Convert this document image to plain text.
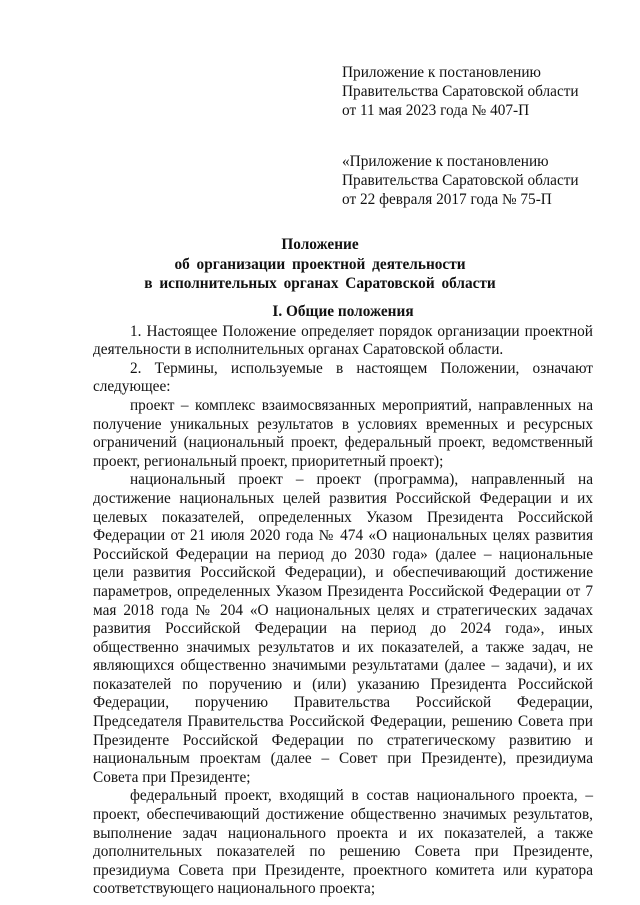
Приложение к постановлению
Правительства Саратовской области
от 11 мая 2023 года № 407-П
«Приложение к постановлению
Правительства Саратовской области
от 22 февраля 2017 года № 75-П
Положение
об организации проектной деятельности
в исполнительных органах Саратовской области
I. Общие положения

1. Настоящее Положение определяет порядок организации проектной деятельности в исполнительных органах Саратовской области.

2. Термины, используемые в настоящем Положении, означают следующее:

проект – комплекс взаимосвязанных мероприятий, направленных на получение уникальных результатов в условиях временных и ресурсных ограничений (национальный проект, федеральный проект, ведомственный проект, региональный проект, приоритетный проект);

национальный проект – проект (программа), направленный на достижение национальных целей развития Российской Федерации и их целевых показателей, определенных Указом Президента Российской Федерации от 21 июля 2020 года № 474 «О национальных целях развития Российской Федерации на период до 2030 года» (далее – национальные цели развития Российской Федерации), и обеспечивающий достижение параметров, определенных Указом Президента Российской Федерации от 7 мая 2018 года № 204 «О национальных целях и стратегических задачах развития Российской Федерации на период до 2024 года», иных общественно значимых результатов и их показателей, а также задач, не являющихся общественно значимыми результатами (далее – задачи), и их показателей по поручению и (или) указанию Президента Российской Федерации, поручению Правительства Российской Федерации, Председателя Правительства Российской Федерации, решению Совета при Президенте Российской Федерации по стратегическому развитию и национальным проектам (далее – Совет при Президенте), президиума Совета при Президенте;

федеральный проект, входящий в состав национального проекта, – проект, обеспечивающий достижение общественно значимых результатов, выполнение задач национального проекта и их показателей, а также дополнительных показателей по решению Совета при Президенте, президиума Совета при Президенте, проектного комитета или куратора соответствующего национального проекта;
